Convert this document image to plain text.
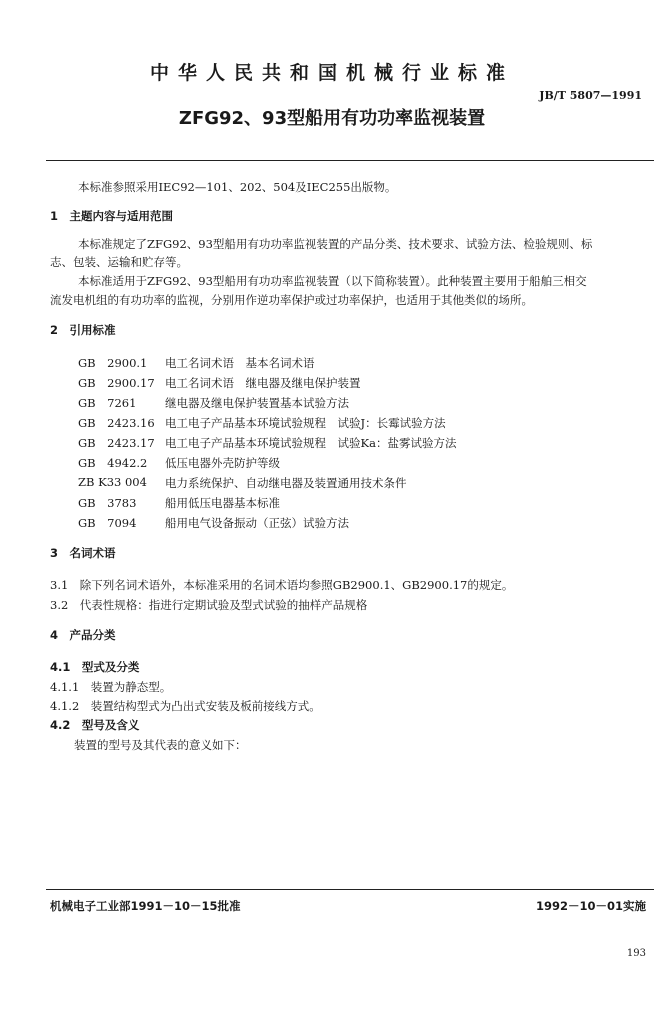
中华人民共和国机械行业标准
JB/T 5807—1991
ZFG92、93型船用有功功率监视装置
本标准参照采用IEC92—101、202、504及IEC255出版物。
1　主题内容与适用范围
本标准规定了ZFG92、93型船用有功功率监视装置的产品分类、技术要求、试验方法、检验规则、标
志、包装、运输和贮存等。
本标准适用于ZFG92、93型船用有功功率监视装置（以下简称装置）。此种装置主要用于船舶三相交
流发电机组的有功功率的监视，分别用作逆功率保护或过功率保护，也适用于其他类似的场所。
2　引用标准
GB　2900.1 电工名词术语　基本名词术语
GB　2900.17 电工名词术语　继电器及继电保护装置
GB　7261 继电器及继电保护装置基本试验方法
GB　2423.16 电工电子产品基本环境试验规程　试验J：长霉试验方法
GB　2423.17 电工电子产品基本环境试验规程　试验Ka：盐雾试验方法
GB　4942.2 低压电器外壳防护等级
ZB K33 004 电力系统保护、自动继电器及装置通用技术条件
GB　3783 船用低压电器基本标准
GB　7094 船用电气设备振动（正弦）试验方法
3　名词术语
3.1　除下列名词术语外，本标准采用的名词术语均参照GB2900.1、GB2900.17的规定。
3.2　代表性规格：指进行定期试验及型式试验的抽样产品规格
4　产品分类
4.1　型式及分类
4.1.1　装置为静态型。
4.1.2　装置结构型式为凸出式安装及板前接线方式。
4.2　型号及含义
装置的型号及其代表的意义如下：
机械电子工业部1991－10－15批准	1992－10－01实施
193
